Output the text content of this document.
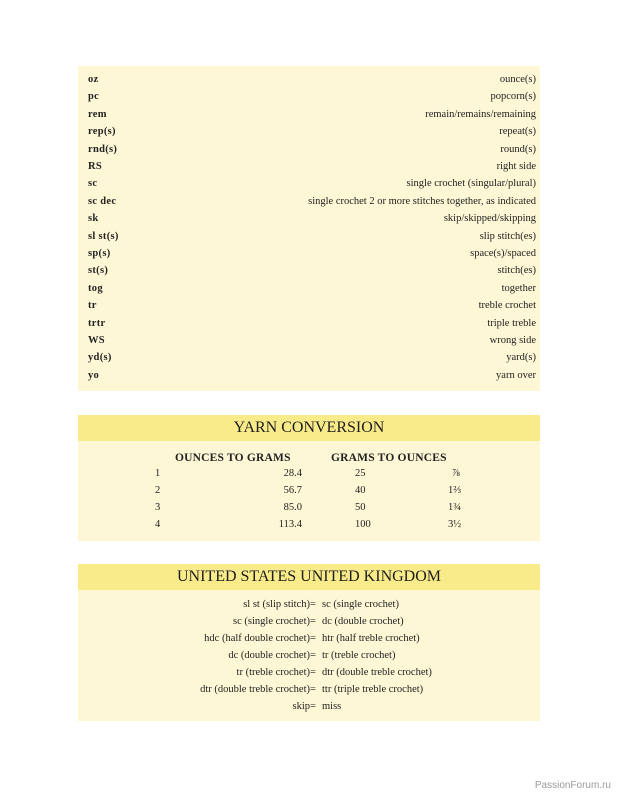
oz	ounce(s)
pc	popcorn(s)
rem	remain/remains/remaining
rep(s)	repeat(s)
rnd(s)	round(s)
RS	right side
sc	single crochet (singular/plural)
sc dec	single crochet 2 or more stitches together, as indicated
sk	skip/skipped/skipping
sl st(s)	slip stitch(es)
sp(s)	space(s)/spaced
st(s)	stitch(es)
tog	together
tr	treble crochet
trtr	triple treble
WS	wrong side
yd(s)	yard(s)
yo	yarn over
YARN CONVERSION
OUNCES TO GRAMS	GRAMS TO OUNCES
1	28.4	25	⅞
2	56.7	40	1⅔
3	85.0	50	1¾
4	113.4	100	3½
UNITED STATES UNITED KINGDOM
sl st (slip stitch) = sc (single crochet)
sc (single crochet) = dc (double crochet)
hdc (half double crochet) = htr (half treble crochet)
dc (double crochet) = tr (treble crochet)
tr (treble crochet) = dtr (double treble crochet)
dtr (double treble crochet) = ttr (triple treble crochet)
skip = miss
PassionForum.ru
